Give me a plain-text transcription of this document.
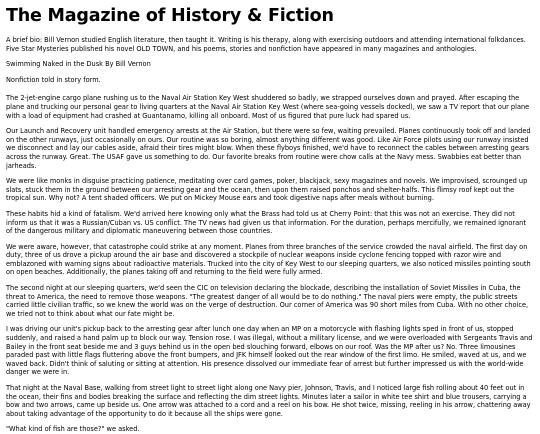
The Magazine of History & Fiction

A brief bio: Bill Vernon studied English literature, then taught it. Writing is his therapy, along with exercising outdoors and attending international folkdances. Five Star Mysteries published his novel OLD TOWN, and his poems, stories and nonfiction have appeared in many magazines and anthologies.

Swimming Naked in the Dusk By Bill Vernon

Nonfiction told in story form.

The 2-jet-engine cargo plane rushing us to the Naval Air Station Key West shuddered so badly, we strapped ourselves down and prayed. After escaping the plane and trucking our personal gear to living quarters at the Naval Air Station Key West (where sea-going vessels docked), we saw a TV report that our plane with a load of equipment had crashed at Guantanamo, killing all onboard. Most of us figured that pure luck had spared us.

Our Launch and Recovery unit handled emergency arrests at the Air Station, but there were so few, waiting prevailed. Planes continuously took off and landed on the other runways, just occasionally on ours. Our routine was so boring, almost anything different was good. Like Air Force pilots using our runway insisted we disconnect and lay our cables aside, afraid their tires might blow. When these flyboys finished, we'd have to reconnect the cables between arresting gears across the runway. Great. The USAF gave us something to do. Our favorite breaks from routine were chow calls at the Navy mess. Swabbies eat better than jarheads.

We were like monks in disguise practicing patience, meditating over card games, poker, blackjack, sexy magazines and novels. We improvised, scrounged up slats, stuck them in the ground between our arresting gear and the ocean, then upon them raised ponchos and shelter-halfs. This flimsy roof kept out the tropical sun. Why not? A tent shaded officers. We put on Mickey Mouse ears and took digestive naps after meals without burning.

These habits hid a kind of fatalism. We'd arrived here knowing only what the Brass had told us at Cherry Point: that this was not an exercise. They did not inform us that it was a Russian/Cuban vs. US conflict. The TV news had given us that information. For the duration, perhaps mercifully, we remained ignorant of the dangerous military and diplomatic maneuvering between those countries.

We were aware, however, that catastrophe could strike at any moment. Planes from three branches of the service crowded the naval airfield. The first day on duty, three of us drove a pickup around the air base and discovered a stockpile of nuclear weapons inside cyclone fencing topped with razor wire and emblazoned with warning signs about radioactive materials. Trucked into the city of Key West to our sleeping quarters, we also noticed missiles pointing south on open beaches. Additionally, the planes taking off and returning to the field were fully armed.

The second night at our sleeping quarters, we'd seen the CIC on television declaring the blockade, describing the installation of Soviet Missiles in Cuba, the threat to America, the need to remove those weapons. "The greatest danger of all would be to do nothing." The naval piers were empty, the public streets carried little civilian traffic, so we knew the world was on the verge of destruction. Our corner of America was 90 short miles from Cuba. With no other choice, we tried not to think about what our fate might be.

I was driving our unit's pickup back to the arresting gear after lunch one day when an MP on a motorcycle with flashing lights sped in front of us, stopped suddenly, and raised a hand palm up to block our way. Tension rose. I was illegal, without a military license, and we were overloaded with Sergeants Travis and Bailey in the front seat beside me and 3 guys behind us in the open bed slouching forward, elbows on our roof. Was the MP after us? No. Three limousines paraded past with little flags fluttering above the front bumpers, and JFK himself looked out the rear window of the first limo. He smiled, waved at us, and we waved back. Didn't think of saluting or sitting at attention. His presence dissolved our immediate fear of arrest but further impressed us with the world-wide danger we were in.

That night at the Naval Base, walking from street light to street light along one Navy pier, Johnson, Travis, and I noticed large fish rolling about 40 feet out in the ocean, their fins and bodies breaking the surface and reflecting the dim street lights. Minutes later a sailor in white tee shirt and blue trousers, carrying a bow and two arrows, came up beside us. One arrow was attached to a cord and a reel on his bow. He shot twice, missing, reeling in his arrow, chattering away about taking advantage of the opportunity to do it because all the ships were gone.

"What kind of fish are those?" we asked.
